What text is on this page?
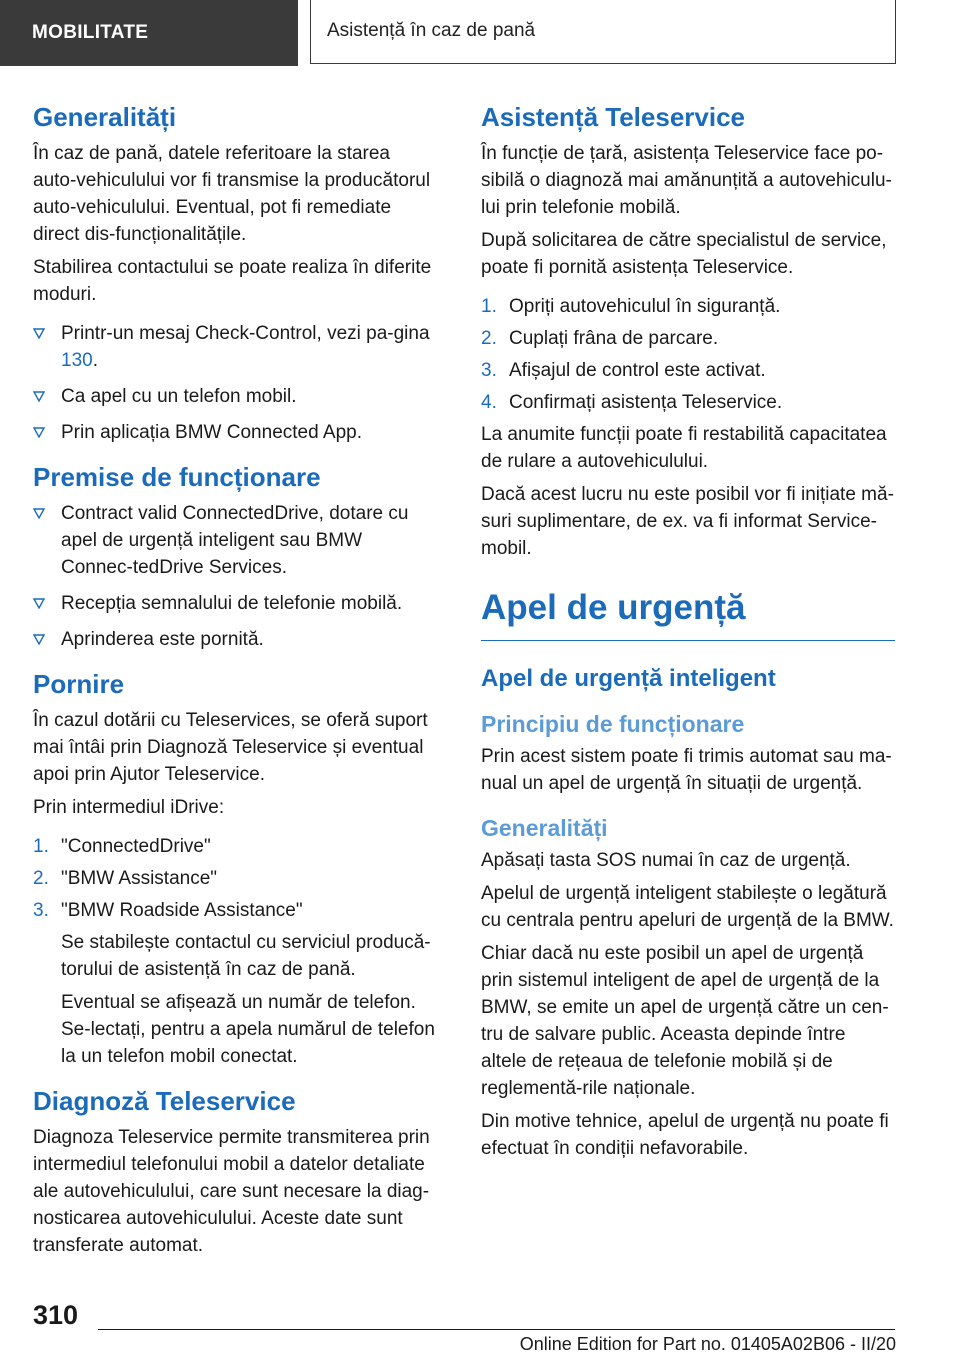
MOBILITATE	Asistență în caz de pană
Generalități

În caz de pană, datele referitoare la starea auto-vehiculului vor fi transmise la producătorul auto-vehiculului. Eventual, pot fi remediate direct dis-funcționalitățile.

Stabilirea contactului se poate realiza în diferite moduri.

Printr-un mesaj Check-Control, vezi pa-gina 130.
Ca apel cu un telefon mobil.
Prin aplicația BMW Connected App.
Premise de funcționare
Contract valid ConnectedDrive, dotare cu apel de urgență inteligent sau BMW Connec-tedDrive Services.
Recepția semnalului de telefonie mobilă.
Aprinderea este pornită.
Pornire

În cazul dotării cu Teleservices, se oferă suport mai întâi prin Diagnoză Teleservice și eventual apoi prin Ajutor Teleservice.

Prin intermediul iDrive:

1. "ConnectedDrive"
2. "BMW Assistance"
3. "BMW Roadside Assistance"

Se stabilește contactul cu serviciul producă-torului de asistență în caz de pană.

Eventual se afișează un număr de telefon. Se-lectați, pentru a apela numărul de telefon la un telefon mobil conectat.

Diagnoză Teleservice

Diagnoza Teleservice permite transmiterea prin intermediul telefonului mobil a datelor detaliate ale autovehiculului, care sunt necesare la diag-nosticarea autovehiculului. Aceste date sunt transferate automat.

Asistență Teleservice

În funcție de țară, asistența Teleservice face po-sibilă o diagnoză mai amănunțită a autovehiculu-lui prin telefonie mobilă.

După solicitarea de către specialistul de service, poate fi pornită asistența Teleservice.

1. Opriți autovehiculul în siguranță.
2. Cuplați frâna de parcare.
3. Afișajul de control este activat.
4. Confirmați asistența Teleservice.

La anumite funcții poate fi restabilită capacitatea de rulare a autovehiculului.

Dacă acest lucru nu este posibil vor fi inițiate mă-suri suplimentare, de ex. va fi informat Service-mobil.

Apel de urgență
Apel de urgență inteligent
Principiu de funcționare

Prin acest sistem poate fi trimis automat sau ma-nual un apel de urgență în situații de urgență.

Generalități

Apăsați tasta SOS numai în caz de urgență.

Apelul de urgență inteligent stabilește o legătură cu centrala pentru apeluri de urgență de la BMW.

Chiar dacă nu este posibil un apel de urgență prin sistemul inteligent de apel de urgență de la BMW, se emite un apel de urgență către un cen-tru de salvare public. Aceasta depinde între altele de rețeaua de telefonie mobilă și de reglementă-rile naționale.

Din motive tehnice, apelul de urgență nu poate fi efectuat în condiții nefavorabile.

310
Online Edition for Part no. 01405A02B06 - II/20
